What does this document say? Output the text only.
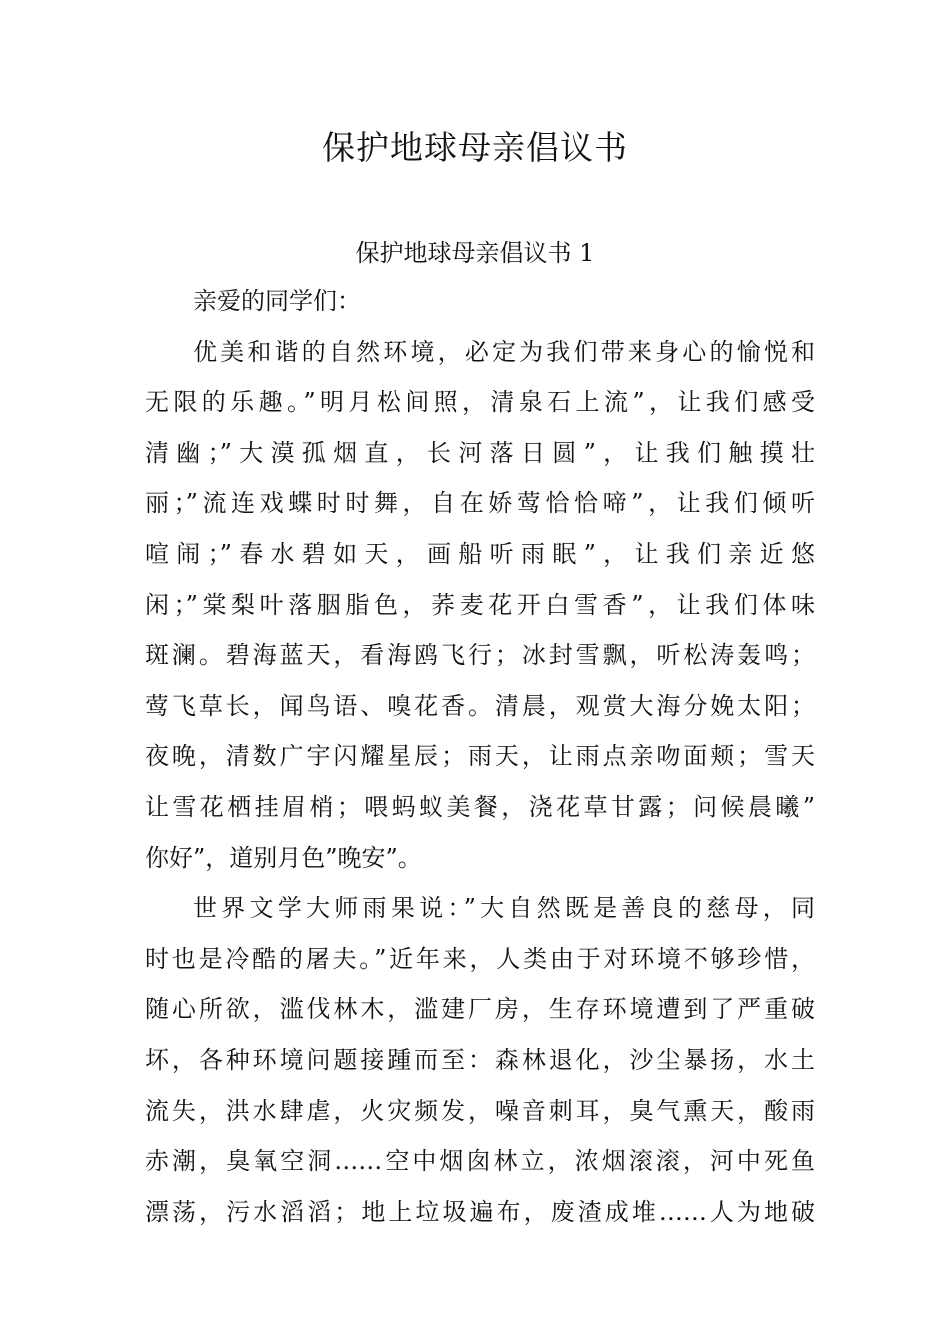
保护地球母亲倡议书
保护地球母亲倡议书 1
亲爱的同学们：
优美和谐的自然环境，必定为我们带来身心的愉悦和
无限的乐趣。”明月松间照，清泉石上流”，让我们感受
清幽；”大漠孤烟直，长河落日圆”，让我们触摸壮
丽；”流连戏蝶时时舞，自在娇莺恰恰啼”，让我们倾听
喧闹；”春水碧如天，画船听雨眠”，让我们亲近悠
闲；”棠梨叶落胭脂色，荞麦花开白雪香”，让我们体味
斑澜。碧海蓝天，看海鸥飞行；冰封雪飘，听松涛轰鸣；
莺飞草长，闻鸟语、嗅花香。清晨，观赏大海分娩太阳；
夜晚，清数广宇闪耀星辰；雨天，让雨点亲吻面颊；雪天
让雪花栖挂眉梢；喂蚂蚁美餐，浇花草甘露；问候晨曦”
你好”，道别月色”晚安”。
世界文学大师雨果说：”大自然既是善良的慈母，同
时也是冷酷的屠夫。”近年来，人类由于对环境不够珍惜，
随心所欲，滥伐林木，滥建厂房，生存环境遭到了严重破
坏，各种环境问题接踵而至：森林退化，沙尘暴扬，水土
流失，洪水肆虐，火灾频发，噪音刺耳，臭气熏天，酸雨
赤潮，臭氧空洞……空中烟囱林立，浓烟滚滚，河中死鱼
漂荡，污水滔滔；地上垃圾遍布，废渣成堆……人为地破
